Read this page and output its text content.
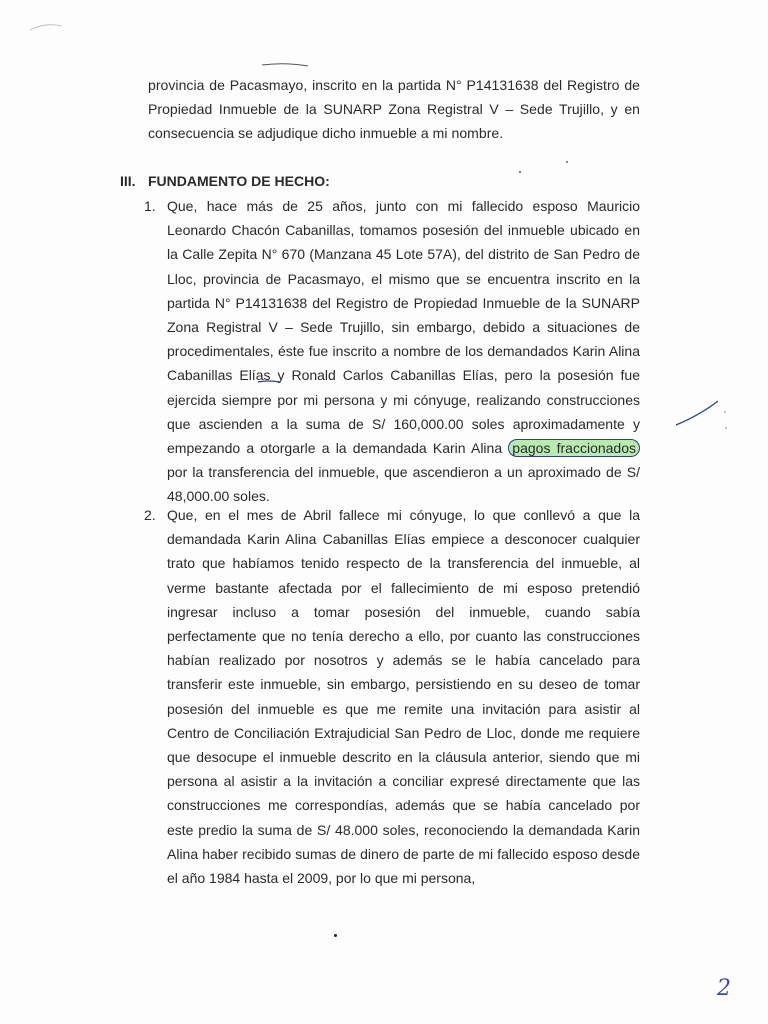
provincia de Pacasmayo, inscrito en la partida N° P14131638 del Registro de Propiedad Inmueble de la SUNARP Zona Registral V – Sede Trujillo, y en consecuencia se adjudique dicho inmueble a mi nombre.
III. FUNDAMENTO DE HECHO:
1. Que, hace más de 25 años, junto con mi fallecido esposo Mauricio Leonardo Chacón Cabanillas, tomamos posesión del inmueble ubicado en la Calle Zepita N° 670 (Manzana 45 Lote 57A), del distrito de San Pedro de Lloc, provincia de Pacasmayo, el mismo que se encuentra inscrito en la partida N° P14131638 del Registro de Propiedad Inmueble de la SUNARP Zona Registral V – Sede Trujillo, sin embargo, debido a situaciones de procedimentales, éste fue inscrito a nombre de los demandados Karin Alina Cabanillas Elías y Ronald Carlos Cabanillas Elías, pero la posesión fue ejercida siempre por mi persona y mi cónyuge, realizando construcciones que ascienden a la suma de S/ 160,000.00 soles aproximadamente y empezando a otorgarle a la demandada Karin Alina pagos fraccionados por la transferencia del inmueble, que ascendieron a un aproximado de S/ 48,000.00 soles.
2. Que, en el mes de Abril fallece mi cónyuge, lo que conllevó a que la demandada Karin Alina Cabanillas Elías empiece a desconocer cualquier trato que habíamos tenido respecto de la transferencia del inmueble, al verme bastante afectada por el fallecimiento de mi esposo pretendió ingresar incluso a tomar posesión del inmueble, cuando sabía perfectamente que no tenía derecho a ello, por cuanto las construcciones habían realizado por nosotros y además se le había cancelado para transferir este inmueble, sin embargo, persistiendo en su deseo de tomar posesión del inmueble es que me remite una invitación para asistir al Centro de Conciliación Extrajudicial San Pedro de Lloc, donde me requiere que desocupe el inmueble descrito en la cláusula anterior, siendo que mi persona al asistir a la invitación a conciliar expresé directamente que las construcciones me correspondías, además que se había cancelado por este predio la suma de S/ 48.000 soles, reconociendo la demandada Karin Alina haber recibido sumas de dinero de parte de mi fallecido esposo desde el año 1984 hasta el 2009, por lo que mi persona,
2
